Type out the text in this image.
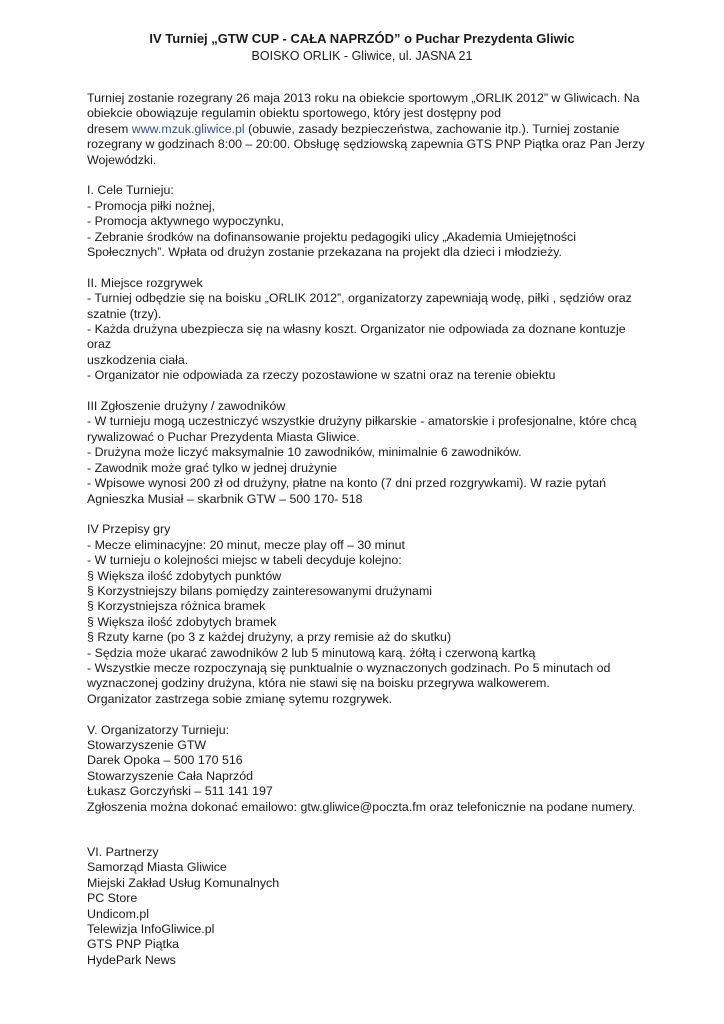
IV Turniej „GTW CUP - CAŁA NAPRZÓD” o Puchar Prezydenta Gliwic
BOISKO ORLIK - Gliwice, ul. JASNA 21

Turniej zostanie rozegrany 26 maja 2013 roku na obiekcie sportowym „ORLIK 2012” w Gliwicach. Na

obiekcie obowiązuje regulamin obiektu sportowego, który jest dostępny pod

dresem www.mzuk.gliwice.pl (obuwie, zasady bezpieczeństwa, zachowanie itp.). Turniej zostanie

rozegrany w godzinach 8:00 – 20:00. Obsługę sędziowską zapewnia GTS PNP Piątka oraz Pan Jerzy

Wojewódzki.

I. Cele Turnieju:

- Promocja piłki nożnej,

- Promocja aktywnego wypoczynku,

- Zebranie środków na dofinansowanie projektu pedagogiki ulicy „Akademia Umiejętności

Społecznych”. Wpłata od drużyn zostanie przekazana na projekt dla dzieci i młodzieży.

II. Miejsce rozgrywek

- Turniej odbędzie się na boisku „ORLIK 2012”, organizatorzy zapewniają wodę, piłki , sędziów oraz

szatnie (trzy).

- Każda drużyna ubezpiecza się na własny koszt. Organizator nie odpowiada za doznane kontuzje oraz

uszkodzenia ciała.

- Organizator nie odpowiada za rzeczy pozostawione w szatni oraz na terenie obiektu

III Zgłoszenie drużyny / zawodników

- W turnieju mogą uczestniczyć wszystkie drużyny piłkarskie - amatorskie i profesjonalne, które chcą

rywalizować o Puchar Prezydenta Miasta Gliwice.

- Drużyna może liczyć maksymalnie 10 zawodników, minimalnie 6 zawodników.

- Zawodnik może grać tylko w jednej drużynie

- Wpisowe wynosi 200 zł od drużyny, płatne na konto (7 dni przed rozgrywkami). W razie pytań

Agnieszka Musiał – skarbnik GTW – 500 170- 518

IV Przepisy gry

- Mecze eliminacyjne: 20 minut, mecze play off – 30 minut

- W turnieju o kolejności miejsc w tabeli decyduje kolejno:

§ Większa ilość zdobytych punktów

§ Korzystniejszy bilans pomiędzy zainteresowanymi drużynami

§ Korzystniejsza różnica bramek

§ Większa ilość zdobytych bramek

§ Rzuty karne (po 3 z każdej drużyny, a przy remisie aż do skutku)

- Sędzia może ukarać zawodników 2 lub 5 minutową karą. żółtą i czerwoną kartką

- Wszystkie mecze rozpoczynają się punktualnie o wyznaczonych godzinach. Po 5 minutach od

wyznaczonej godziny drużyna, która nie stawi się na boisku przegrywa walkowerem.

Organizator zastrzega sobie zmianę sytemu rozgrywek.

V. Organizatorzy Turnieju:

Stowarzyszenie GTW

Darek Opoka – 500 170 516

Stowarzyszenie Cała Naprzód

Łukasz Gorczyński – 511 141 197

Zgłoszenia można dokonać emailowo: gtw.gliwice@poczta.fm oraz telefonicznie na podane numery.

VI. Partnerzy

Samorząd Miasta Gliwice

Miejski Zakład Usług Komunalnych

PC Store

Undicom.pl

Telewizja InfoGliwice.pl

GTS PNP Piątka

HydePark News
